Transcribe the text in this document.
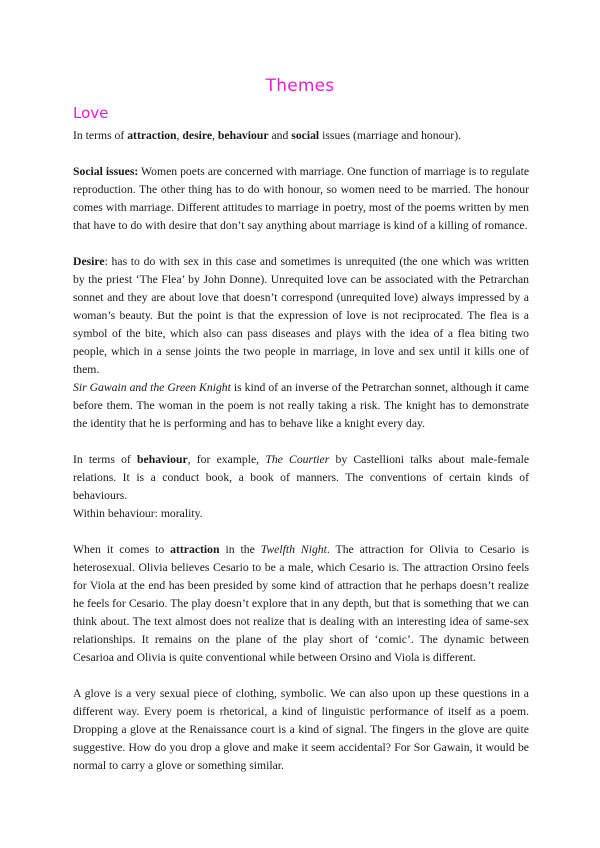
Themes
Love

In terms of attraction, desire, behaviour and social issues (marriage and honour).

Social issues: Women poets are concerned with marriage. One function of marriage is to regulate reproduction. The other thing has to do with honour, so women need to be married. The honour comes with marriage. Different attitudes to marriage in poetry, most of the poems written by men that have to do with desire that don’t say anything about marriage is kind of a killing of romance.

Desire: has to do with sex in this case and sometimes is unrequited (the one which was written by the priest ‘The Flea’ by John Donne). Unrequited love can be associated with the Petrarchan sonnet and they are about love that doesn’t correspond (unrequited love) always impressed by a woman’s beauty. But the point is that the expression of love is not reciprocated. The flea is a symbol of the bite, which also can pass diseases and plays with the idea of a flea biting two people, which in a sense joints the two people in marriage, in love and sex until it kills one of them.

Sir Gawain and the Green Knight is kind of an inverse of the Petrarchan sonnet, although it came before them. The woman in the poem is not really taking a risk. The knight has to demonstrate the identity that he is performing and has to behave like a knight every day.

In terms of behaviour, for example, The Courtier by Castellioni talks about male-female relations. It is a conduct book, a book of manners. The conventions of certain kinds of behaviours.
Within behaviour: morality.

When it comes to attraction in the Twelfth Night. The attraction for Olivia to Cesario is heterosexual. Olivia believes Cesario to be a male, which Cesario is. The attraction Orsino feels for Viola at the end has been presided by some kind of attraction that he perhaps doesn’t realize he feels for Cesario. The play doesn’t explore that in any depth, but that is something that we can think about. The text almost does not realize that is dealing with an interesting idea of same-sex relationships. It remains on the plane of the play short of ‘comic’. The dynamic between Cesarioa and Olivia is quite conventional while between Orsino and Viola is different.

A glove is a very sexual piece of clothing, symbolic. We can also upon up these questions in a different way. Every poem is rhetorical, a kind of linguistic performance of itself as a poem. Dropping a glove at the Renaissance court is a kind of signal. The fingers in the glove are quite suggestive. How do you drop a glove and make it seem accidental? For Sor Gawain, it would be normal to carry a glove or something similar.
